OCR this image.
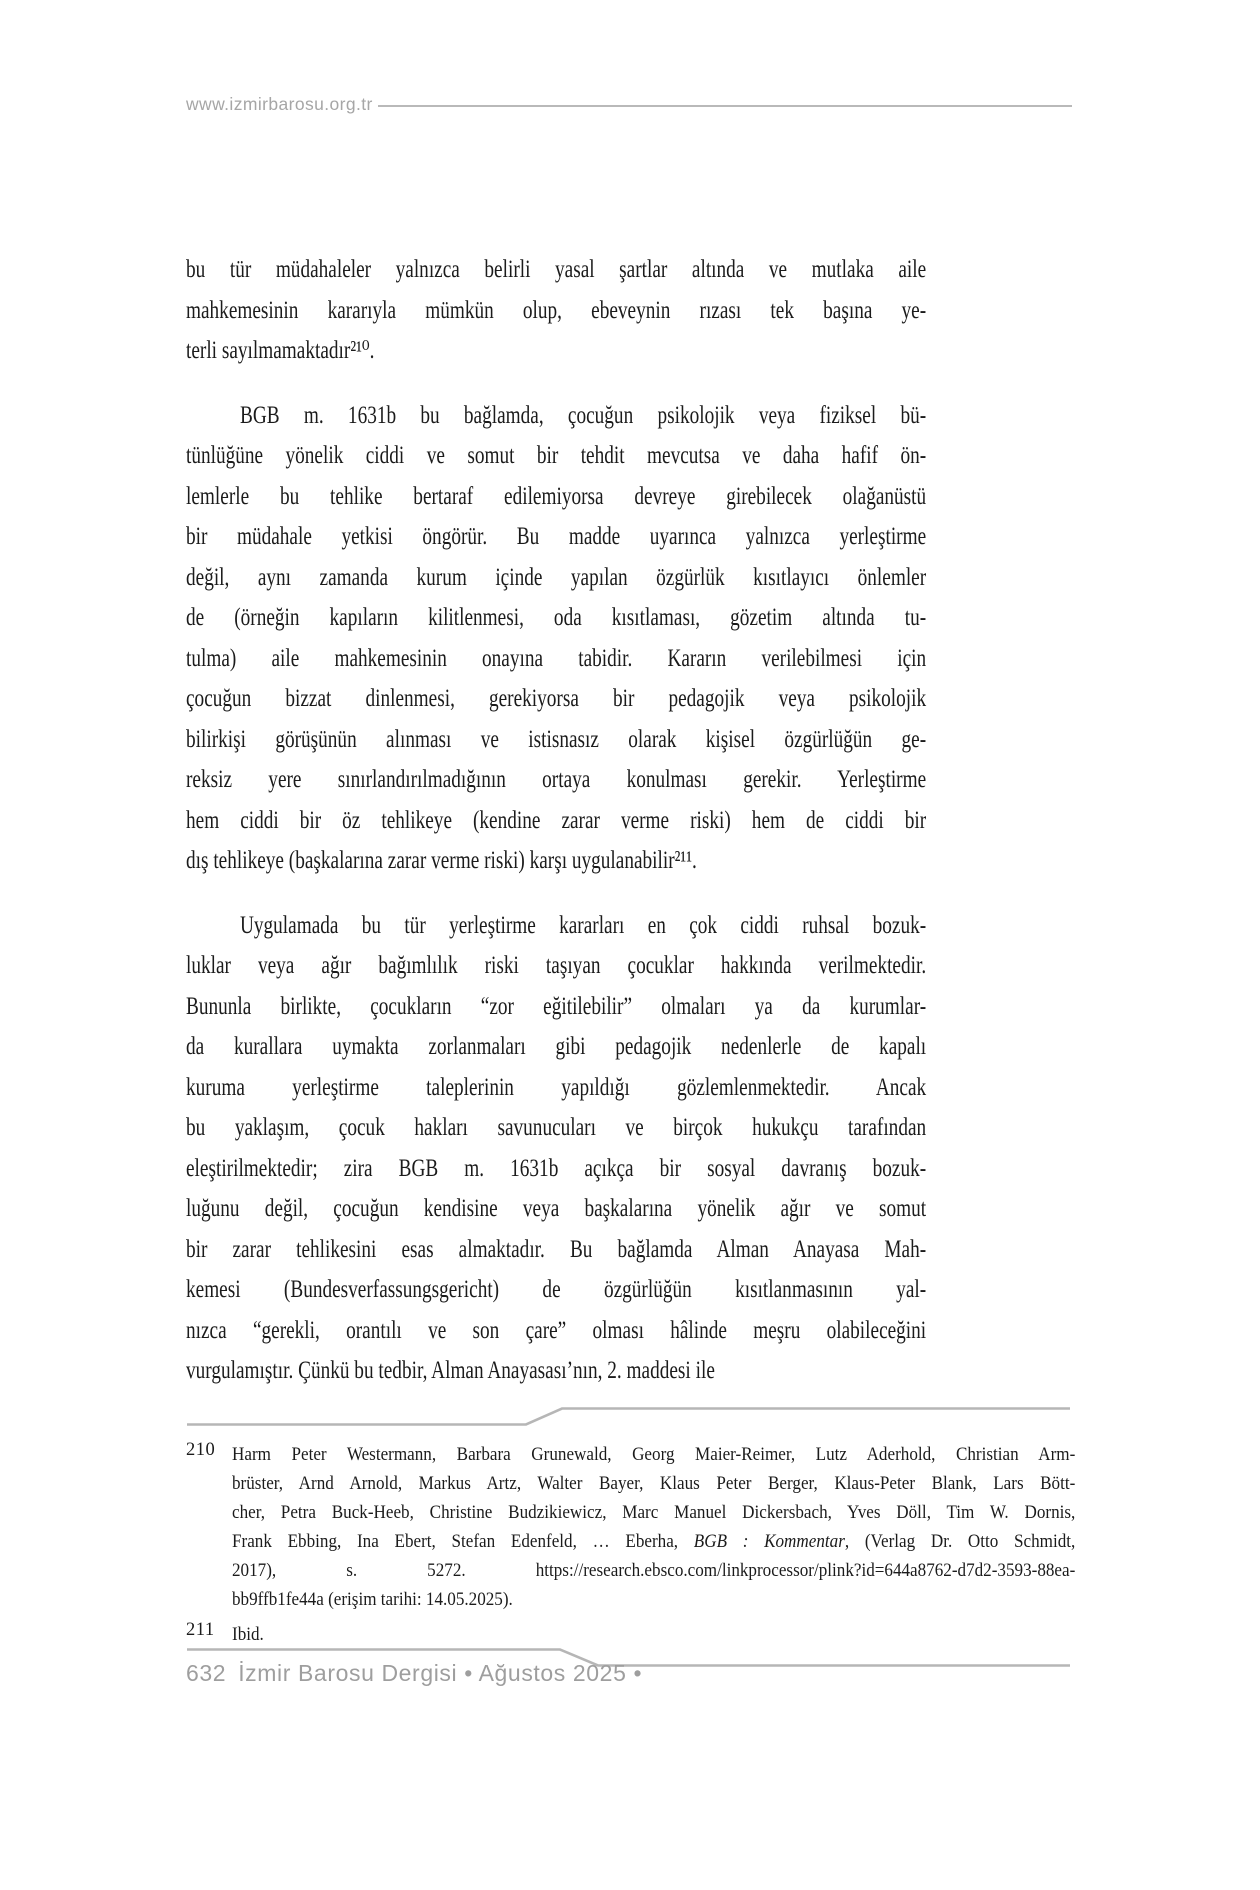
www.izmirbarosu.org.tr
bu tür müdahaleler yalnızca belirli yasal şartlar altında ve mutlaka aile
mahkemesinin kararıyla mümkün olup, ebeveynin rızası tek başına ye-
terli sayılmamaktadır²¹⁰.
BGB m. 1631b bu bağlamda, çocuğun psikolojik veya fiziksel bü-
tünlüğüne yönelik ciddi ve somut bir tehdit mevcutsa ve daha hafif ön-
lemlerle bu tehlike bertaraf edilemiyorsa devreye girebilecek olağanüstü
bir müdahale yetkisi öngörür. Bu madde uyarınca yalnızca yerleştirme
değil, aynı zamanda kurum içinde yapılan özgürlük kısıtlayıcı önlemler
de (örneğin kapıların kilitlenmesi, oda kısıtlaması, gözetim altında tu-
tulma) aile mahkemesinin onayına tabidir. Kararın verilebilmesi için
çocuğun bizzat dinlenmesi, gerekiyorsa bir pedagojik veya psikolojik
bilirkişi görüşünün alınması ve istisnasız olarak kişisel özgürlüğün ge-
reksiz yere sınırlandırılmadığının ortaya konulması gerekir. Yerleştirme
hem ciddi bir öz tehlikeye (kendine zarar verme riski) hem de ciddi bir
dış tehlikeye (başkalarına zarar verme riski) karşı uygulanabilir²¹¹.
Uygulamada bu tür yerleştirme kararları en çok ciddi ruhsal bozuk-
luklar veya ağır bağımlılık riski taşıyan çocuklar hakkında verilmektedir.
Bununla birlikte, çocukların “zor eğitilebilir” olmaları ya da kurumlar-
da kurallara uymakta zorlanmaları gibi pedagojik nedenlerle de kapalı
kuruma yerleştirme taleplerinin yapıldığı gözlemlenmektedir. Ancak
bu yaklaşım, çocuk hakları savunucuları ve birçok hukukçu tarafından
eleştirilmektedir; zira BGB m. 1631b açıkça bir sosyal davranış bozuk-
luğunu değil, çocuğun kendisine veya başkalarına yönelik ağır ve somut
bir zarar tehlikesini esas almaktadır. Bu bağlamda Alman Anayasa Mah-
kemesi (Bundesverfassungsgericht) de özgürlüğün kısıtlanmasının yal-
nızca “gerekli, orantılı ve son çare” olması hâlinde meşru olabileceğini
vurgulamıştır. Çünkü bu tedbir, Alman Anayasası’nın, 2. maddesi ile
210 Harm Peter Westermann, Barbara Grunewald, Georg Maier-Reimer, Lutz Aderhold, Christian Arm-
brüster, Arnd Arnold, Markus Artz, Walter Bayer, Klaus Peter Berger, Klaus-Peter Blank, Lars Bött-
cher, Petra Buck-Heeb, Christine Budzikiewicz, Marc Manuel Dickersbach, Yves Döll, Tim W. Dornis,
Frank Ebbing, Ina Ebert, Stefan Edenfeld, … Eberha, BGB : Kommentar, (Verlag Dr. Otto Schmidt,
2017), s. 5272. https://research.ebsco.com/linkprocessor/plink?id=644a8762-d7d2-3593-88ea-
bb9ffb1fe44a (erişim tarihi: 14.05.2025).
211 Ibid.
632 İzmir Barosu Dergisi • Ağustos 2025 •
